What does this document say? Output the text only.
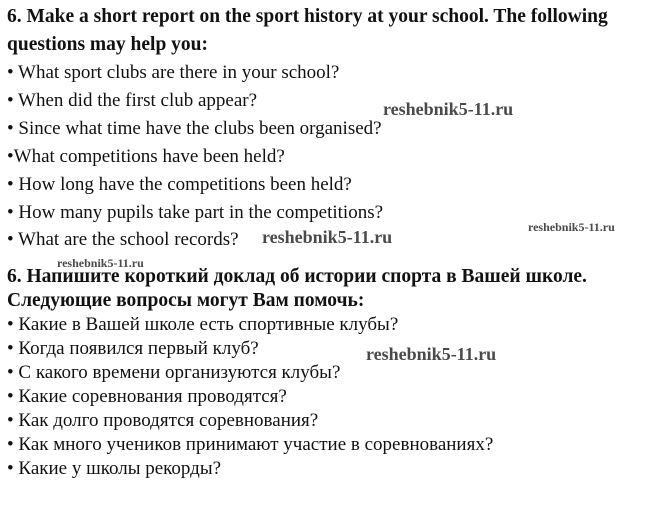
6. Make a short report on the sport history at your school. The following
questions may help you:
• What sport clubs are there in your school?
• When did the first club appear?
• Since what time have the clubs been organised?
•What competitions have been held?
• How long have the competitions been held?
• How many pupils take part in the competitions?
• What are the school records?
6. Напишите короткий доклад об истории спорта в Вашей школе.
Следующие вопросы могут Вам помочь:
• Какие в Вашей школе есть спортивные клубы?
• Когда появился первый клуб?
• С какого времени организуются клубы?
• Какие соревнования проводятся?
• Как долго проводятся соревнования?
• Как много учеников принимают участие в соревнованиях?
• Какие у школы рекорды?
reshebnik5-11.ru
reshebnik5-11.ru
reshebnik5-11.ru
reshebnik5-11.ru
reshebnik5-11.ru
